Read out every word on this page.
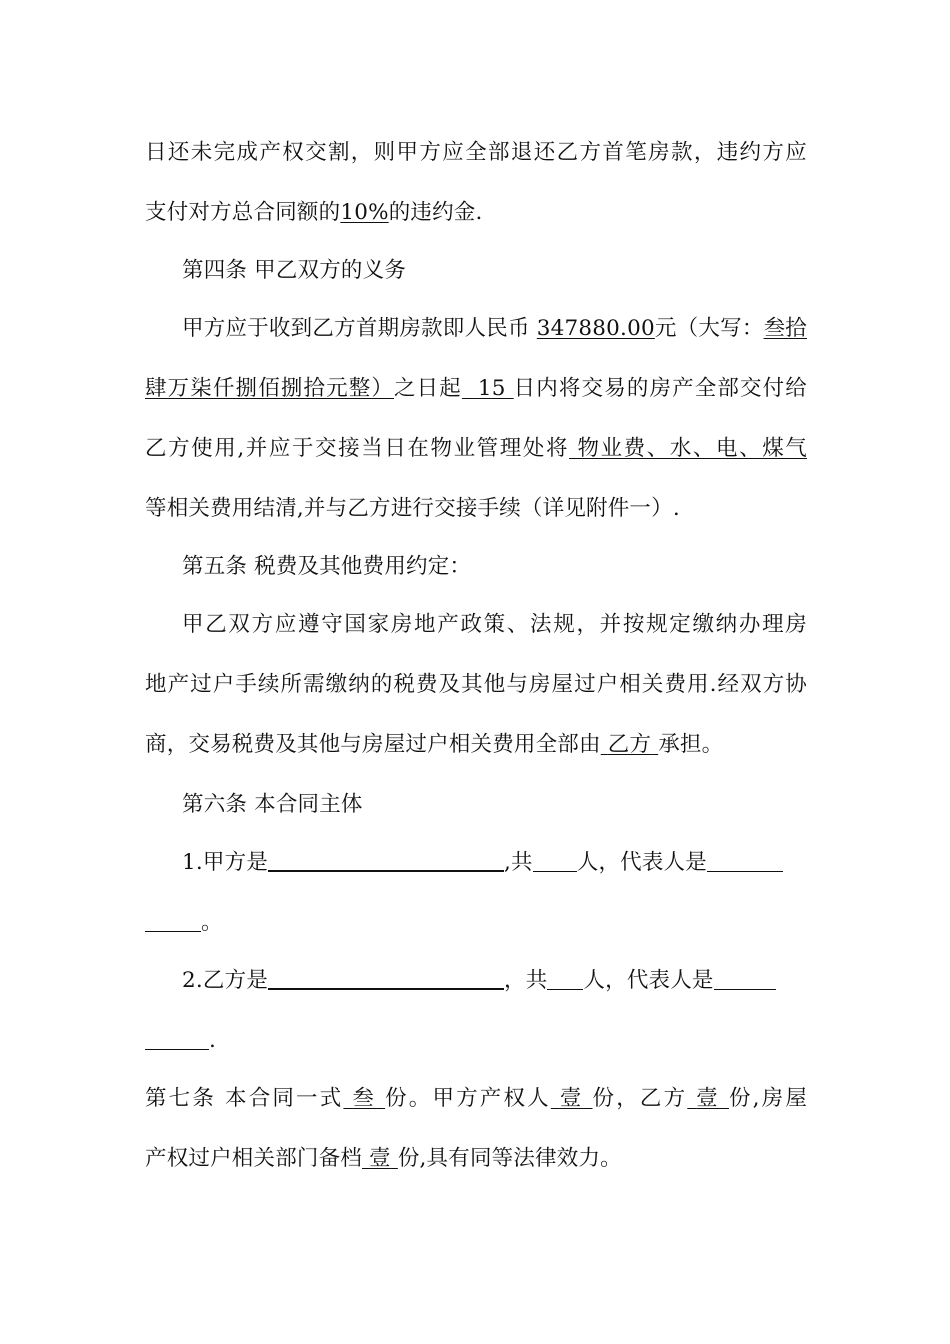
日还未完成产权交割，则甲方应全部退还乙方首笔房款，违约方应
支付对方总合同额的10%的违约金.
第四条 甲乙双方的义务
甲方应于收到乙方首期房款即人民币 347880.00元（大写：叁拾
肆万柒仟捌佰捌拾元整）之日起 15 日内将交易的房产全部交付给
乙方使用,并应于交接当日在物业管理处将 物业费、水、电、煤气
等相关费用结清,并与乙方进行交接手续（详见附件一）.
第五条 税费及其他费用约定：
甲乙双方应遵守国家房地产政策、法规，并按规定缴纳办理房
地产过户手续所需缴纳的税费及其他与房屋过户相关费用.经双方协
商，交易税费及其他与房屋过户相关费用全部由 乙方 承担。
第六条 本合同主体
1.甲方是	,共 人，代表人是
。
2.乙方是	，共 人，代表人是
.
第七条 本合同一式 叁 份。甲方产权人 壹 份，乙方 壹 份,房屋
产权过户相关部门备档 壹 份,具有同等法律效力。
